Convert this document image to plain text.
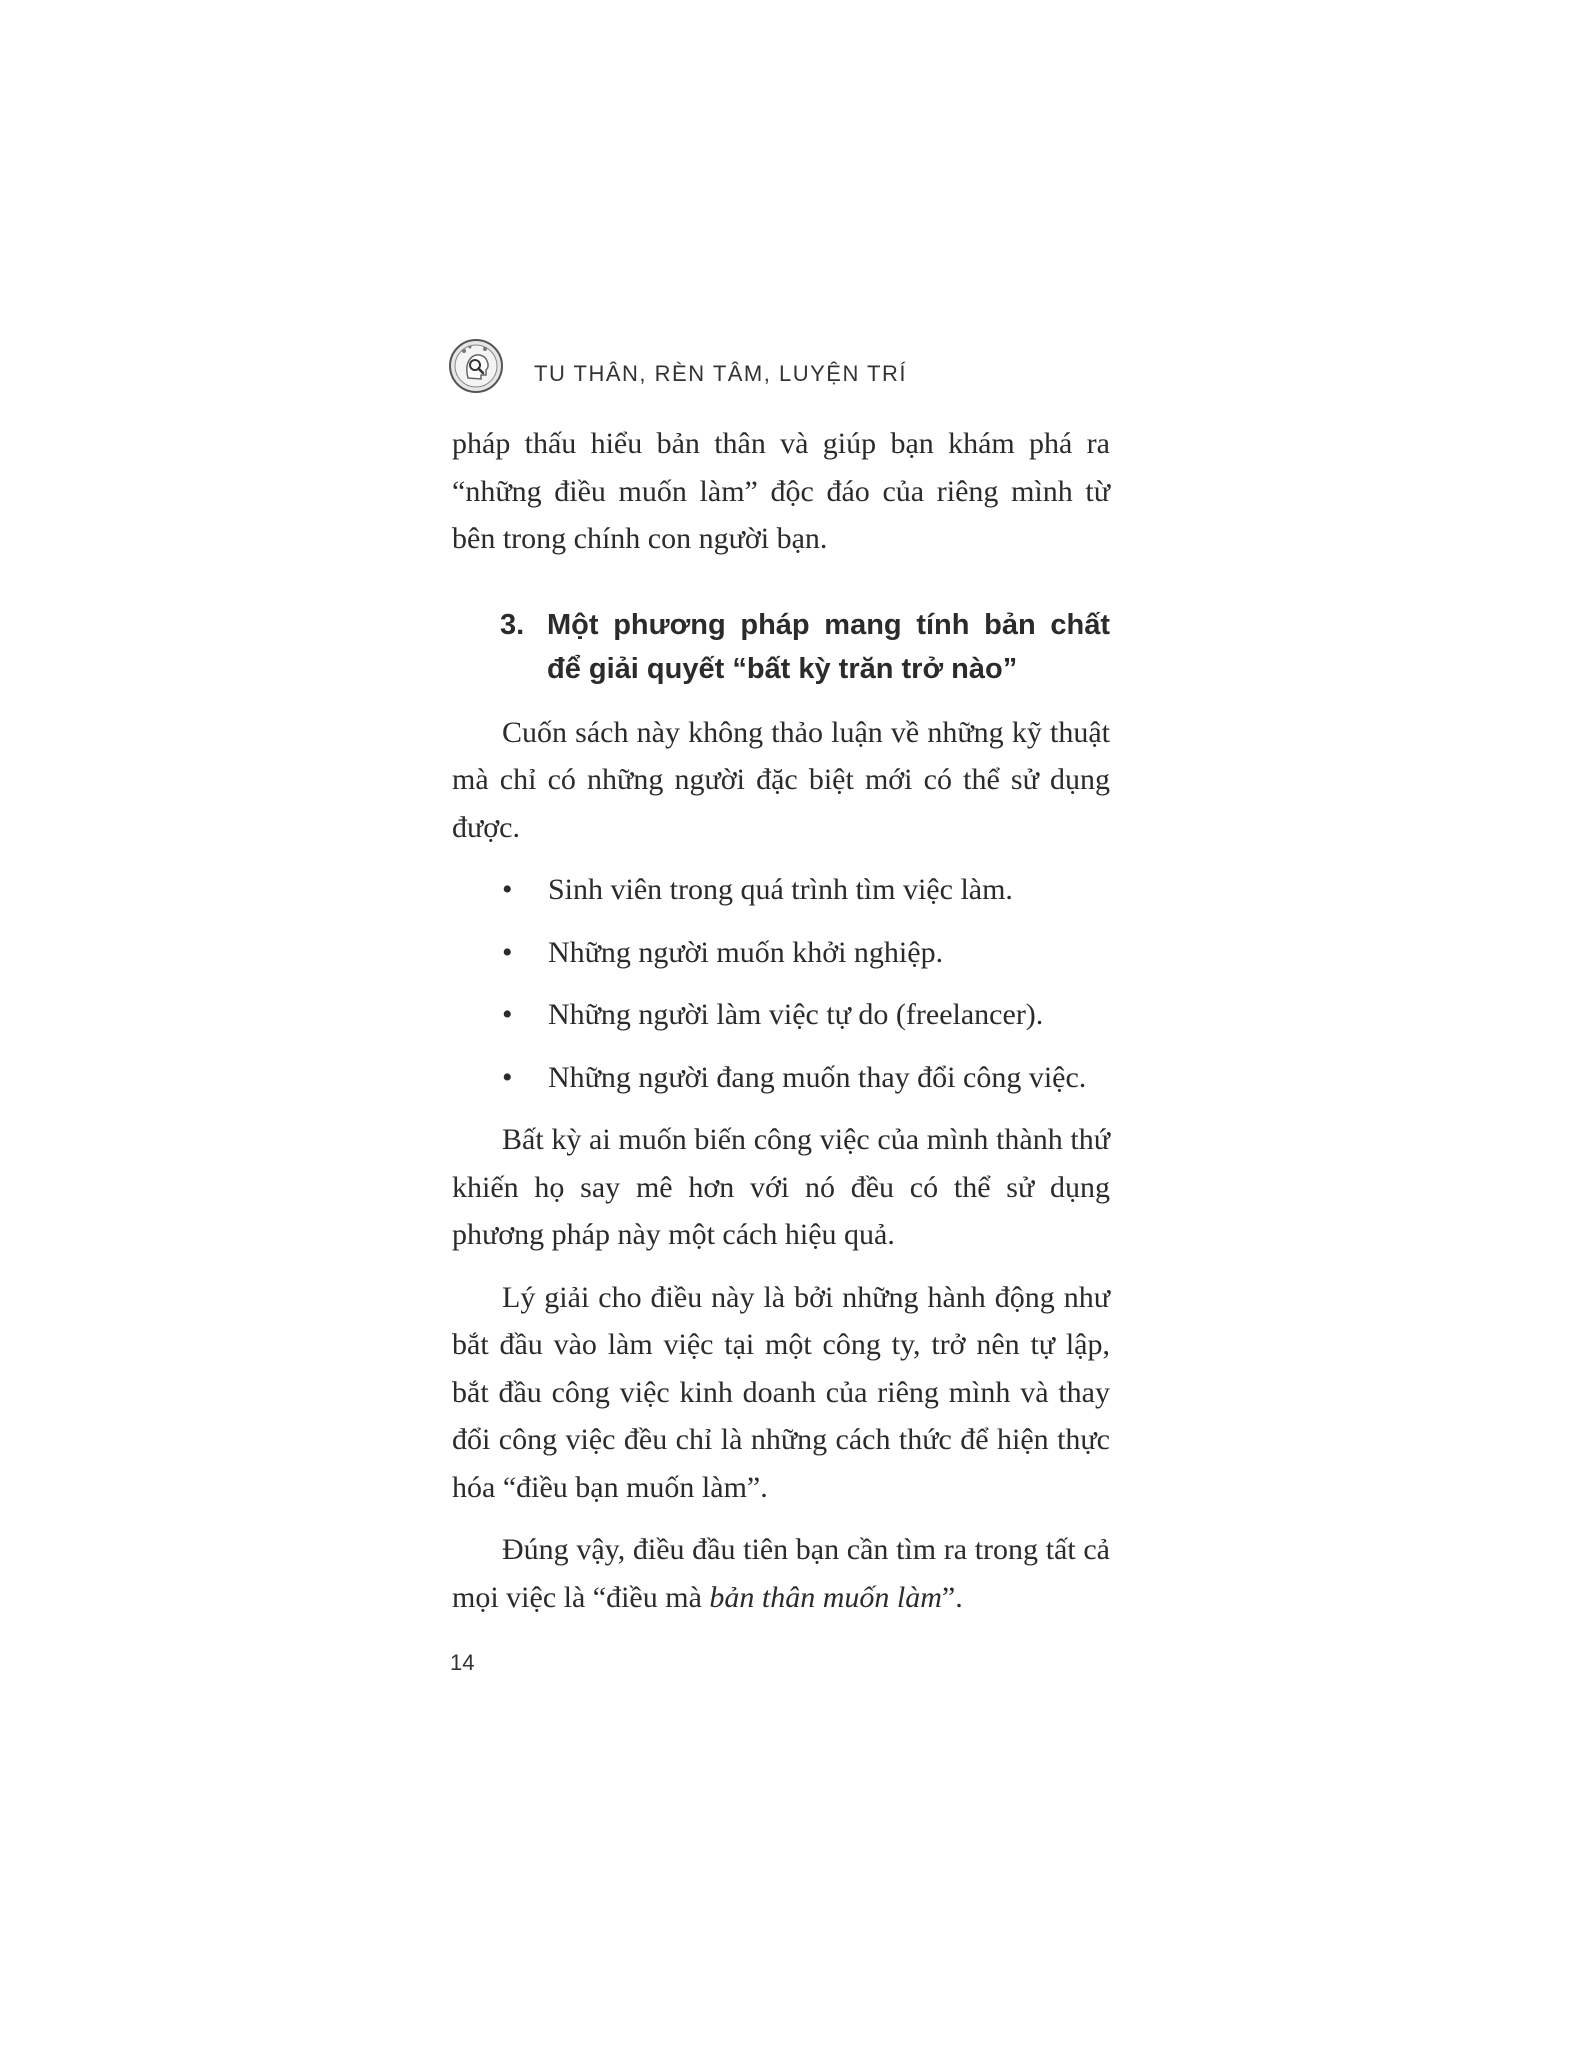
TU THÂN, RÈN TÂM, LUYỆN TRÍ

pháp thấu hiểu bản thân và giúp bạn khám phá ra “những điều muốn làm” độc đáo của riêng mình từ bên trong chính con người bạn.

3. Một phương pháp mang tính bản chất để giải quyết “bất kỳ trăn trở nào”

Cuốn sách này không thảo luận về những kỹ thuật mà chỉ có những người đặc biệt mới có thể sử dụng được.

•	Sinh viên trong quá trình tìm việc làm.
•	Những người muốn khởi nghiệp.
•	Những người làm việc tự do (freelancer).
•	Những người đang muốn thay đổi công việc.

Bất kỳ ai muốn biến công việc của mình thành thứ khiến họ say mê hơn với nó đều có thể sử dụng phương pháp này một cách hiệu quả.

Lý giải cho điều này là bởi những hành động như bắt đầu vào làm việc tại một công ty, trở nên tự lập, bắt đầu công việc kinh doanh của riêng mình và thay đổi công việc đều chỉ là những cách thức để hiện thực hóa “điều bạn muốn làm”.

Đúng vậy, điều đầu tiên bạn cần tìm ra trong tất cả mọi việc là “điều mà bản thân muốn làm”.

14
